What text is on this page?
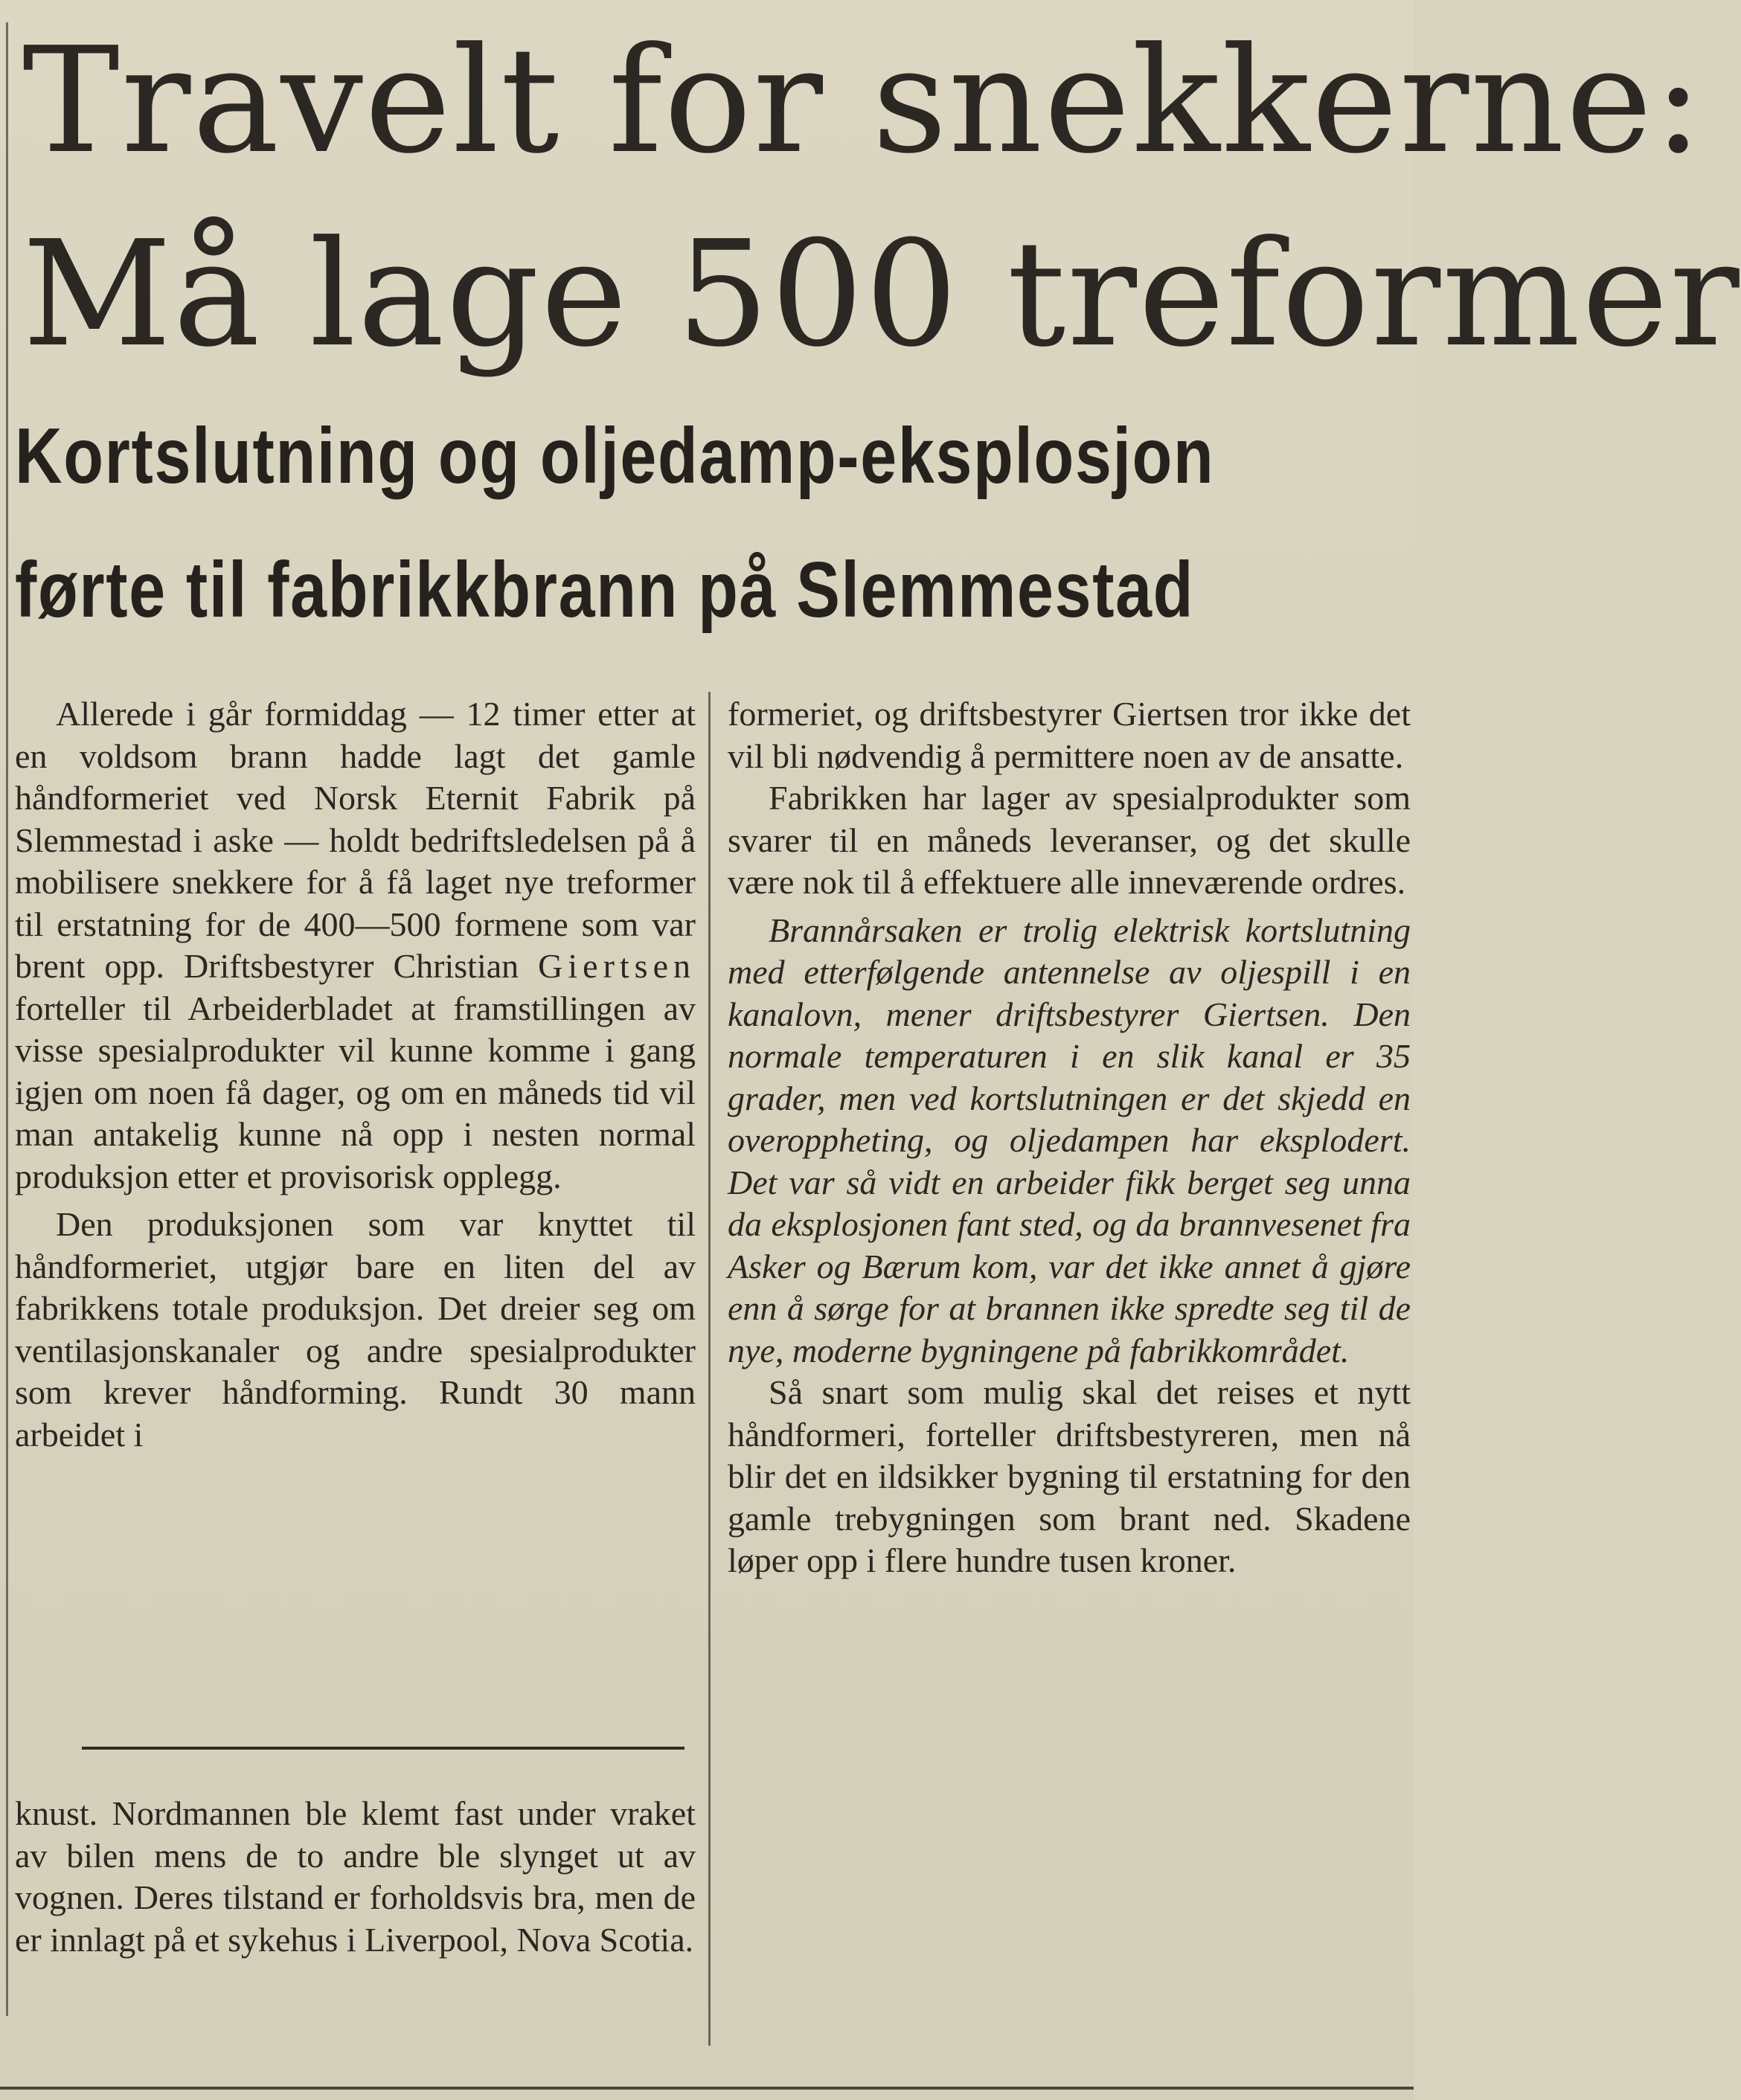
Travelt for snekkerne:
Må lage 500 treformer
Kortslutning og oljedamp-eksplosjon
førte til fabrikkbrann på Slemmestad

Allerede i går formiddag — 12 timer etter at en voldsom brann hadde lagt det gamle håndformeriet ved Norsk Eternit Fabrik på Slemmestad i aske — holdt bedriftsledelsen på å mobilisere snekkere for å få laget nye treformer til erstatning for de 400—500 formene som var brent opp. Driftsbestyrer Christian Giertsen forteller til Arbeiderbladet at framstillingen av visse spesialprodukter vil kunne komme i gang igjen om noen få dager, og om en måneds tid vil man antakelig kunne nå opp i nesten normal produksjon etter et provisorisk opplegg.

Den produksjonen som var knyttet til håndformeriet, utgjør bare en liten del av fabrikkens totale produksjon. Det dreier seg om ventilasjonskanaler og andre spesialprodukter som krever håndforming. Rundt 30 mann arbeidet i

knust. Nordmannen ble klemt fast under vraket av bilen mens de to andre ble slynget ut av vognen. Deres tilstand er forholdsvis bra, men de er innlagt på et sykehus i Liverpool, Nova Scotia.

formeriet, og driftsbestyrer Giertsen tror ikke det vil bli nødvendig å permittere noen av de ansatte.

Fabrikken har lager av spesialprodukter som svarer til en måneds leveranser, og det skulle være nok til å effektuere alle inneværende ordres.

Brannårsaken er trolig elektrisk kortslutning med etterfølgende antennelse av oljespill i en kanalovn, mener driftsbestyrer Giertsen. Den normale temperaturen i en slik kanal er 35 grader, men ved kortslutningen er det skjedd en overoppheting, og oljedampen har eksplodert. Det var så vidt en arbeider fikk berget seg unna da eksplosjonen fant sted, og da brannvesenet fra Asker og Bærum kom, var det ikke annet å gjøre enn å sørge for at brannen ikke spredte seg til de nye, moderne bygningene på fabrikkområdet.

Så snart som mulig skal det reises et nytt håndformeri, forteller driftsbestyreren, men nå blir det en ildsikker bygning til erstatning for den gamle trebygningen som brant ned. Skadene løper opp i flere hundre tusen kroner.
